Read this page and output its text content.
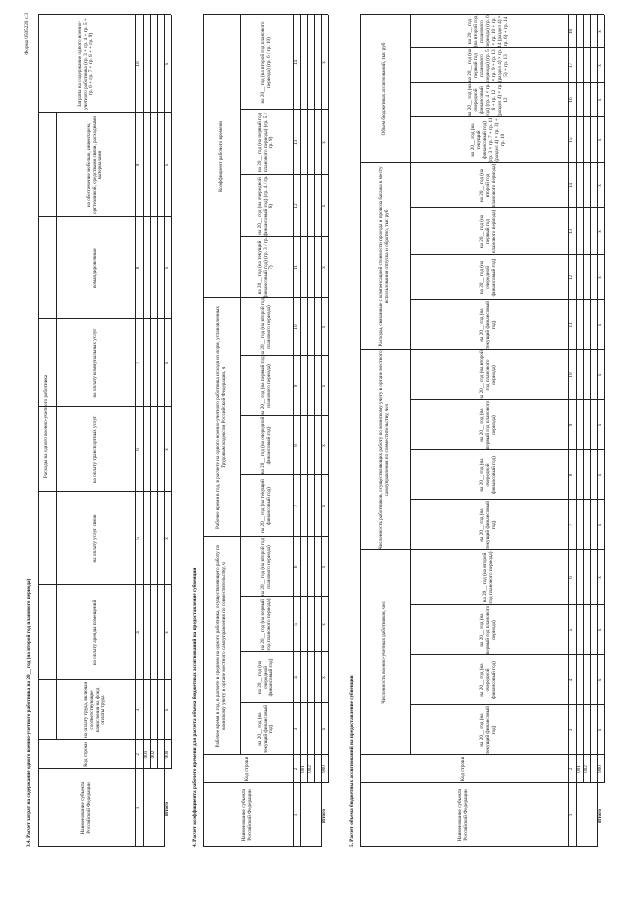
3.4. Расчет затрат на содержание одного военно-учетного работника на 20__ год (на второй год планового периода)
Форма 0505220 с.3
Наименование субъекта Российской Федерации
Код строки
Расходы на одного военно-учетного работника
на оплату труда, включая соответствующие начисления на фонд оплаты труда
на оплату аренды помещений
на оплату услуг связи
на оплату транспортных услуг
на оплату коммунальных услуг
командировочные
на обеспечение мебелью, инвентарем, оргтехникой, средствами связи, расходными материалами
Затраты на содержание одного военно-учетного работника (гр. 3 + гр. 4 + гр. 5 + гр. 6 + гр. 7 + гр. 8 + + гр. 9)
1
2
3
4
5
6
7
8
9
10
001 002
Итого
900
x
x
x
x
x
x
x
x
4. Расчет коэффициента рабочего времени для расчета объема бюджетных ассигнований на предоставление субвенции	Наименование субъекта Российской Федерации
Код строки
Рабочее время в год, в расчете в среднем на одного работника, осуществляющего работу по воинскому учету в органе местного самоуправления по совместительству, ч
Рабочее время в год, в расчете на одного военно-учетного работника исходя из норм, установленных Трудовым кодексом Российской Федерации, ч
Коэффициент рабочего времени
на 20__ год (на текущий финансовый год)
на 20__ год (на очередной финансовый год)
на 20__ год (на первый год планового периода)
на 20__ год (на второй год планового периода)
на 20__ год (на текущий финансовый год)
на 20__ год (на очередной финансовый год)
на 20__ год (на первый год планового периода)
на 20__ год (на второй год планового периода)
на 20__ год (на текущий финансовый год) (гр. 3 / гр. 7)
на 20__ год (на очередной финансовый год) (гр. 4 / гр. 8)
на 20__ год (на первый год планового периода) (гр. 5 / гр. 9)
на 20__ год (на второй год планового периода) (гр. 6 / гр. 10)
1
2
3
4
5
6
7
8
9
10
11
12
13
14
001 002
Итого
900
x
x
x
x
x
x
x
x
x
x
x
x
5. Расчет объема бюджетных ассигнований на предоставление субвенции	Наименование субъекта Российской Федерации
Код строки
Численность военно-учетных работников, чел
Численность работников, осуществляющих работу по воинскому учету в органе местного самоуправления по совместительству, чел
Расходы, связанные с компенсацией стоимости проезда и провоза багажа к месту использования отпуска и обратно, тыс руб
Объем бюджетных ассигнований, тыс руб
на 20__ год (на текущий финансовый год)
на 20__ год (на очередной финансовый год)
на 20__ год (на первый год планового периода)
на 20__ год (на второй год планового периода)
на 20__ год (на текущий финансовый год)
на 20__ год (на очередной финансовый год)
на 20__ год (на первый год планового периода)
на 20__ год (на второй год планового периода)
на 20__ год (на текущий финансовый год)
на 20__ год (на очередной финансовый год)
на 20__ год (на первый год планового периода)
на 20__ год (на второй год планового периода)
на 20__ год (на текущий финансовый год) (гр. 3 × гр. 7 + гр. 11 (раздел 4) × гр. 3) + гр. 10
на 20__ год (на очередной финансовый год) (гр. 4 × гр. 8 + гр. 12 (раздел 4) × гр. 12
на 20__ год (на первый год планового периода) (гр. 5 × гр. 9 + гр. 13 (раздел 4) × гр. 5) + гр. 13
на 20__ год (на второй год планового периода) (гр. 6 × гр. 10 + гр. 14 (раздел 4) × гр. 6) + гр. 14
1
2
3
4
5
6
7
8
9
10
11
12
13
14
15
16
17
18
001 002
Итого
900
x
x
x
x
x
x
x
x
x
x
x
x
x
x
x
x
